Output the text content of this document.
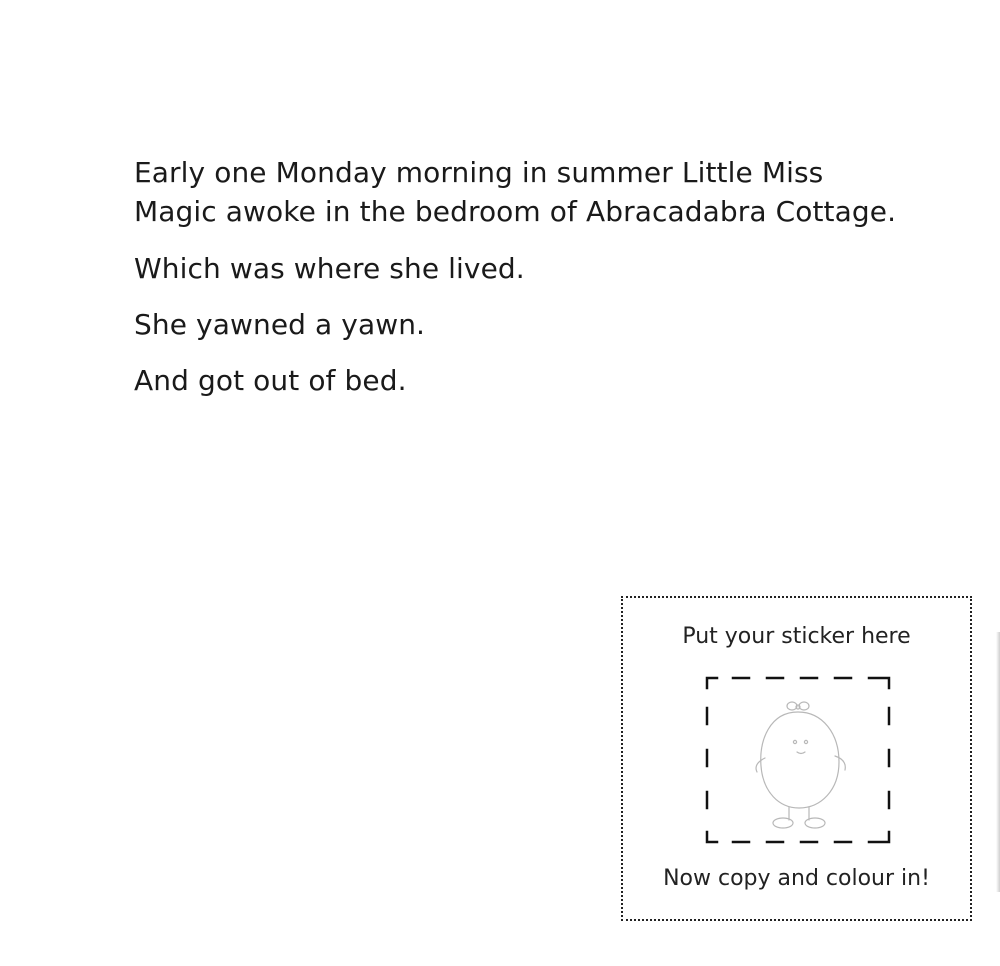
Early one Monday morning in summer Little Miss Magic awoke in the bedroom of Abracadabra Cottage.

Which was where she lived.

She yawned a yawn.

And got out of bed.

Put your sticker here
Now copy and colour in!
